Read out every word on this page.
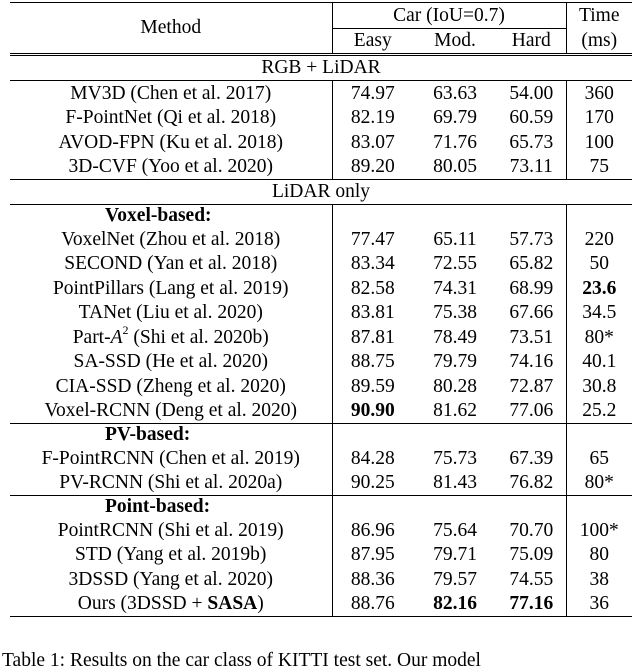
Method	Car (IoU=0.7)			Time
	Easy	Mod.	Hard	(ms)
RGB + LiDAR				
MV3D (Chen et al. 2017)	74.97	63.63	54.00	360
F-PointNet (Qi et al. 2018)	82.19	69.79	60.59	170
AVOD-FPN (Ku et al. 2018)	83.07	71.76	65.73	100
3D-CVF (Yoo et al. 2020)	89.20	80.05	73.11	75
LiDAR only				
Voxel-based:				
VoxelNet (Zhou et al. 2018)	77.47	65.11	57.73	220
SECOND (Yan et al. 2018)	83.34	72.55	65.82	50
PointPillars (Lang et al. 2019)	82.58	74.31	68.99	23.6
TANet (Liu et al. 2020)	83.81	75.38	67.66	34.5
Part-$A^2$ (Shi et al. 2020b)	87.81	78.49	73.51	80*
SA-SSD (He et al. 2020)	88.75	79.79	74.16	40.1
CIA-SSD (Zheng et al. 2020)	89.59	80.28	72.87	30.8
Voxel-RCNN (Deng et al. 2020)	90.90	81.62	77.06	25.2
PV-based:				
F-PointRCNN (Chen et al. 2019)	84.28	75.73	67.39	65
PV-RCNN (Shi et al. 2020a)	90.25	81.43	76.82	80*
Point-based:				
PointRCNN (Shi et al. 2019)	86.96	75.64	70.70	100*
STD (Yang et al. 2019b)	87.95	79.71	75.09	80
3DSSD (Yang et al. 2020)	88.36	79.57	74.55	38
Ours (3DSSD + SASA)	88.76	82.16	77.16	36
Table 1: Results on the car class of KITTI test set. Our model
